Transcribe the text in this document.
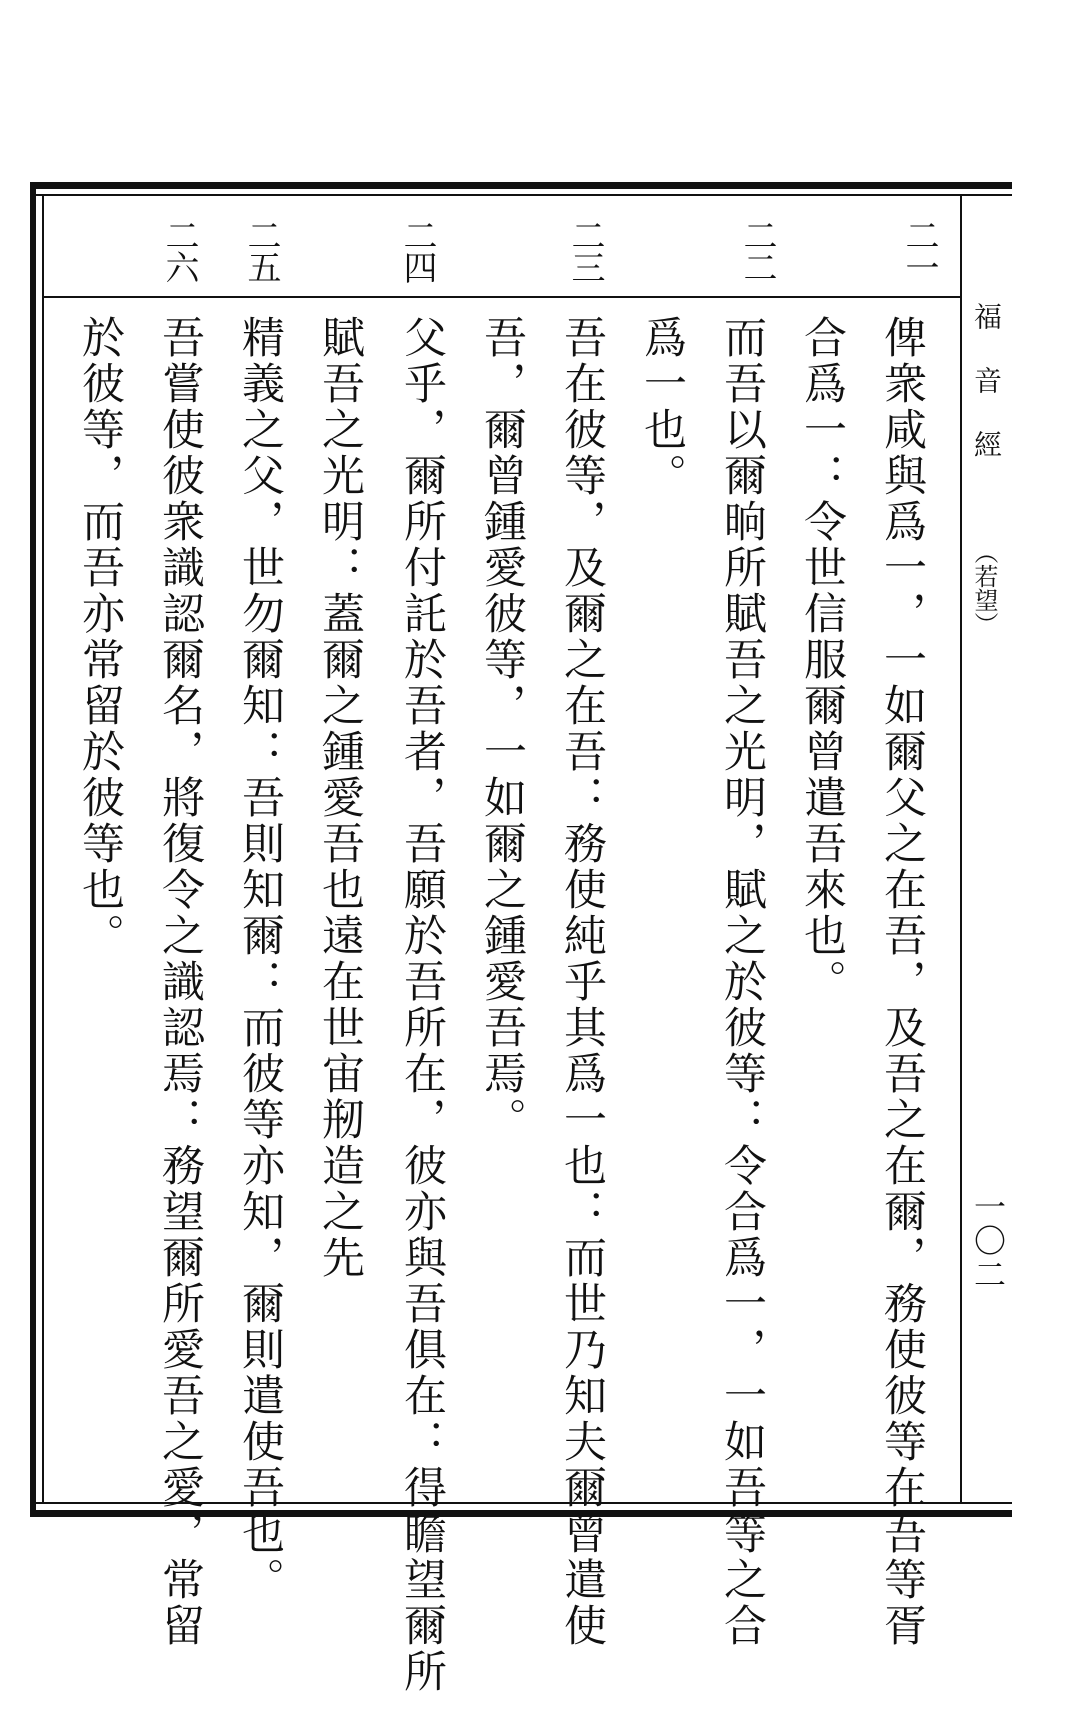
福音經
（若望）
一〇二
二一
二二
二三
二四
二五
二六
俾衆咸與爲一，一如爾父之在吾，及吾之在爾，務使彼等在吾等胥
合爲一：令世信服爾曾遣吾來也。
而吾以爾晌所賦吾之光明，賦之於彼等：令合爲一，一如吾等之合
爲一也。
吾在彼等，及爾之在吾：務使純乎其爲一也：而世乃知夫爾曾遣使
吾，爾曾鍾愛彼等，一如爾之鍾愛吾焉。
父乎，爾所付託於吾者，吾願於吾所在，彼亦與吾俱在：得瞻望爾所
賦吾之光明：蓋爾之鍾愛吾也遠在世宙剏造之先
精義之父，世勿爾知：吾則知爾：而彼等亦知，爾則遣使吾也。
吾嘗使彼衆識認爾名，將復令之識認焉：務望爾所愛吾之愛，常留
於彼等，而吾亦常留於彼等也。
